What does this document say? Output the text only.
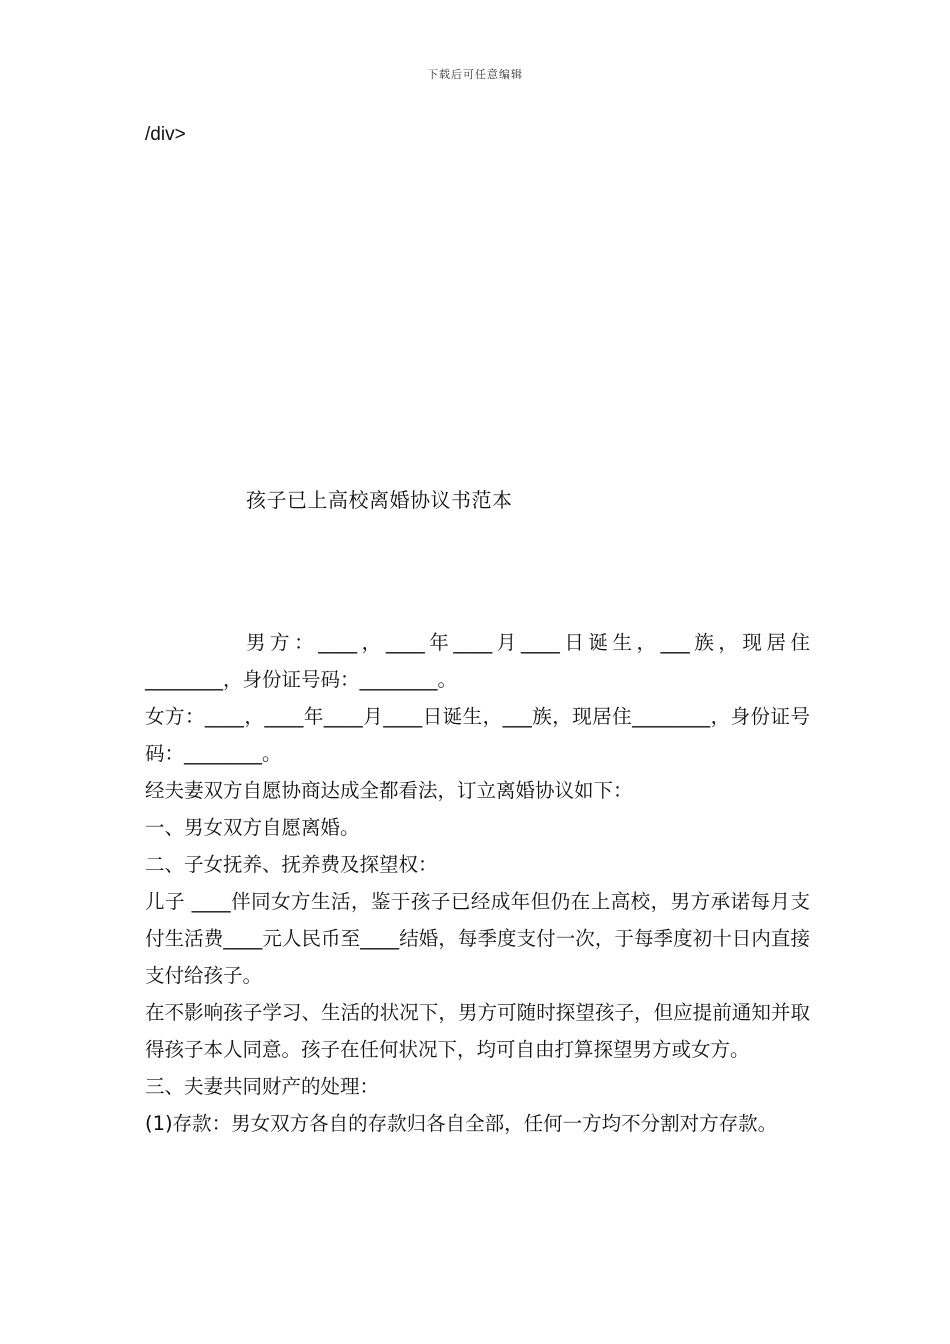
下载后可任意编辑
/div>
孩子已上高校离婚协议书范本

男方：____，____年____月____日诞生，___族，现居住________，身份证号码：________。

女方：____，____年____月____日诞生，___族，现居住________，身份证号码：________。

经夫妻双方自愿协商达成全都看法，订立离婚协议如下：

一、男女双方自愿离婚。

二、子女抚养、抚养费及探望权：

儿子 ____伴同女方生活，鉴于孩子已经成年但仍在上高校，男方承诺每月支付生活费____元人民币至____结婚，每季度支付一次，于每季度初十日内直接支付给孩子。

在不影响孩子学习、生活的状况下，男方可随时探望孩子，但应提前通知并取得孩子本人同意。孩子在任何状况下，均可自由打算探望男方或女方。

三、夫妻共同财产的处理：

(1)存款：男女双方各自的存款归各自全部，任何一方均不分割对方存款。
